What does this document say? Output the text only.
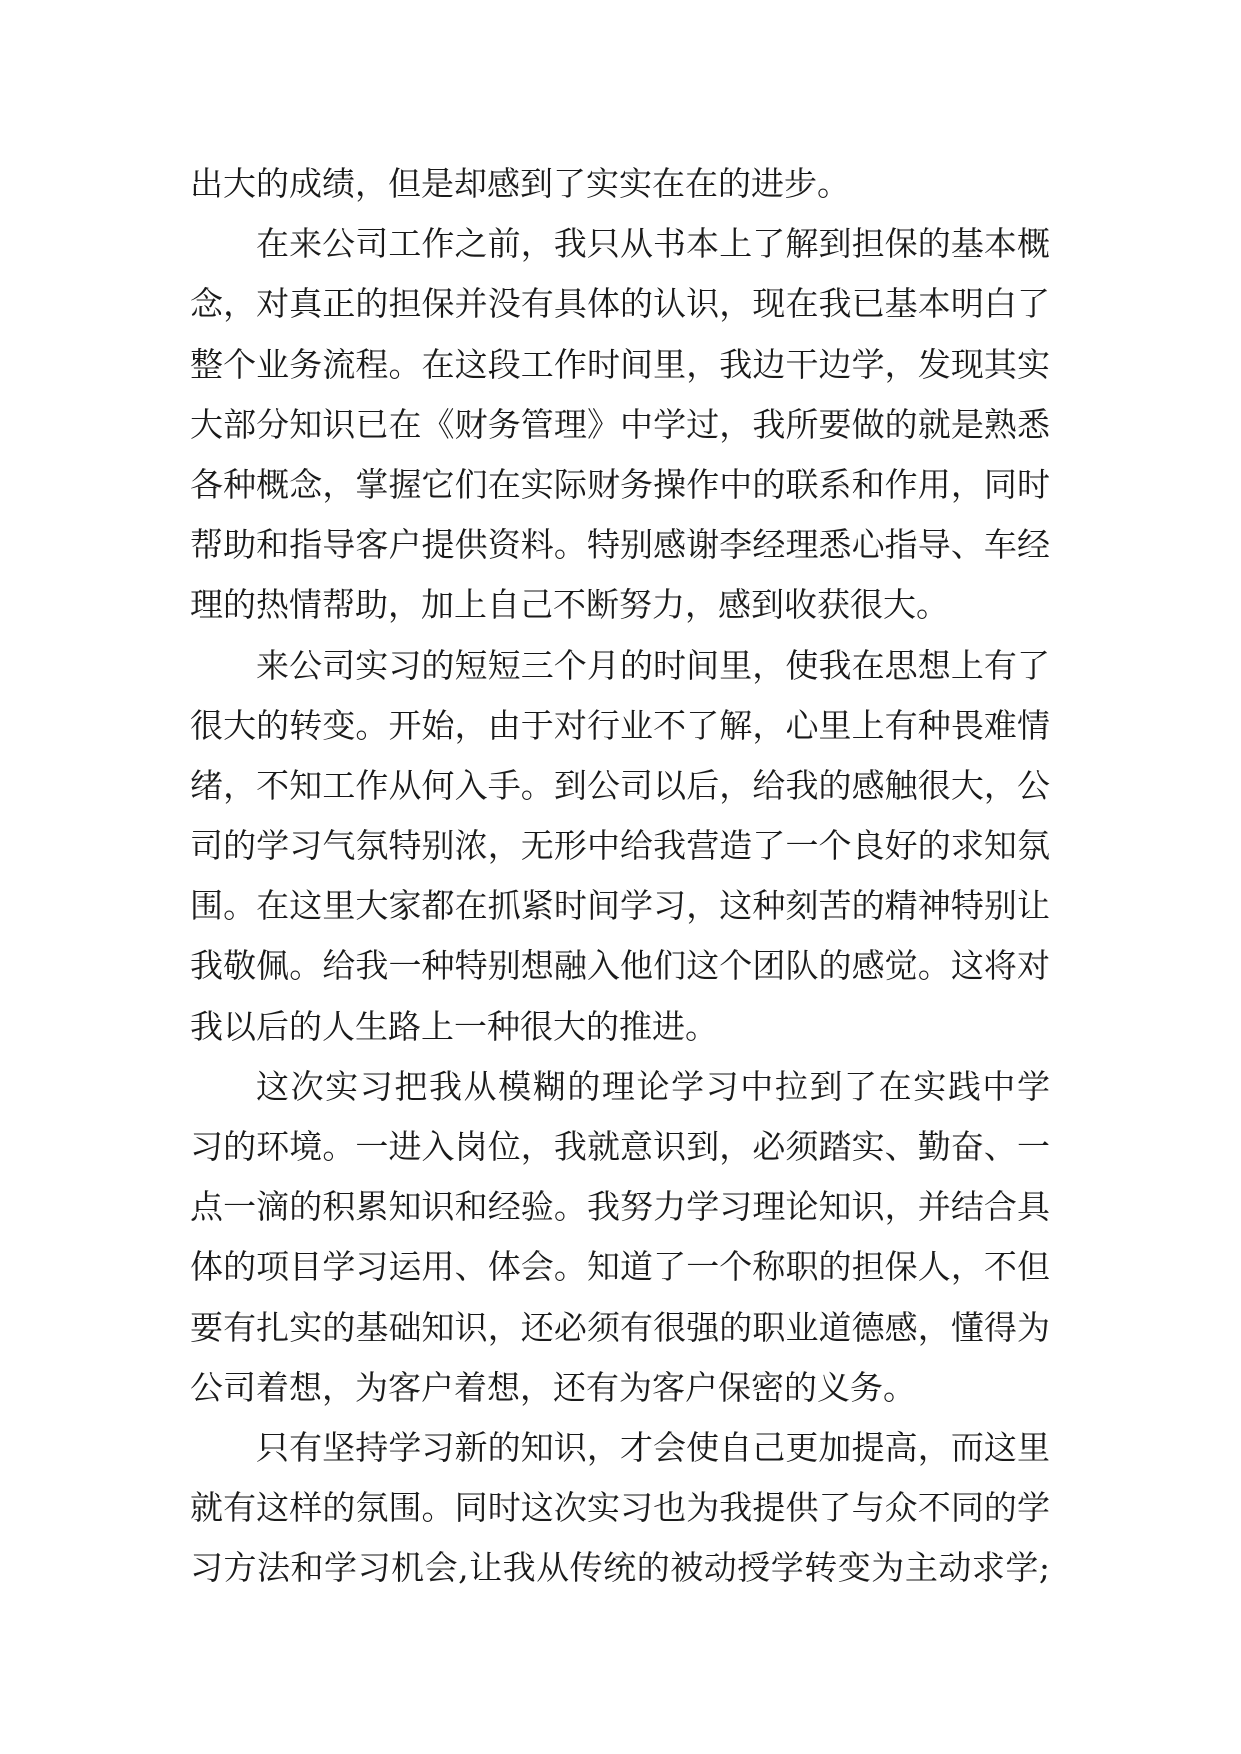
出大的成绩，但是却感到了实实在在的进步。
在来公司工作之前，我只从书本上了解到担保的基本概
念，对真正的担保并没有具体的认识，现在我已基本明白了
整个业务流程。在这段工作时间里，我边干边学，发现其实
大部分知识已在《财务管理》中学过，我所要做的就是熟悉
各种概念，掌握它们在实际财务操作中的联系和作用，同时
帮助和指导客户提供资料。特别感谢李经理悉心指导、车经
理的热情帮助，加上自己不断努力，感到收获很大。
来公司实习的短短三个月的时间里，使我在思想上有了
很大的转变。开始，由于对行业不了解，心里上有种畏难情
绪，不知工作从何入手。到公司以后，给我的感触很大，公
司的学习气氛特别浓，无形中给我营造了一个良好的求知氛
围。在这里大家都在抓紧时间学习，这种刻苦的精神特别让
我敬佩。给我一种特别想融入他们这个团队的感觉。这将对
我以后的人生路上一种很大的推进。
这次实习把我从模糊的理论学习中拉到了在实践中学
习的环境。一进入岗位，我就意识到，必须踏实、勤奋、一
点一滴的积累知识和经验。我努力学习理论知识，并结合具
体的项目学习运用、体会。知道了一个称职的担保人，不但
要有扎实的基础知识，还必须有很强的职业道德感，懂得为
公司着想，为客户着想，还有为客户保密的义务。
只有坚持学习新的知识，才会使自己更加提高，而这里
就有这样的氛围。同时这次实习也为我提供了与众不同的学
习方法和学习机会,让我从传统的被动授学转变为主动求学;
